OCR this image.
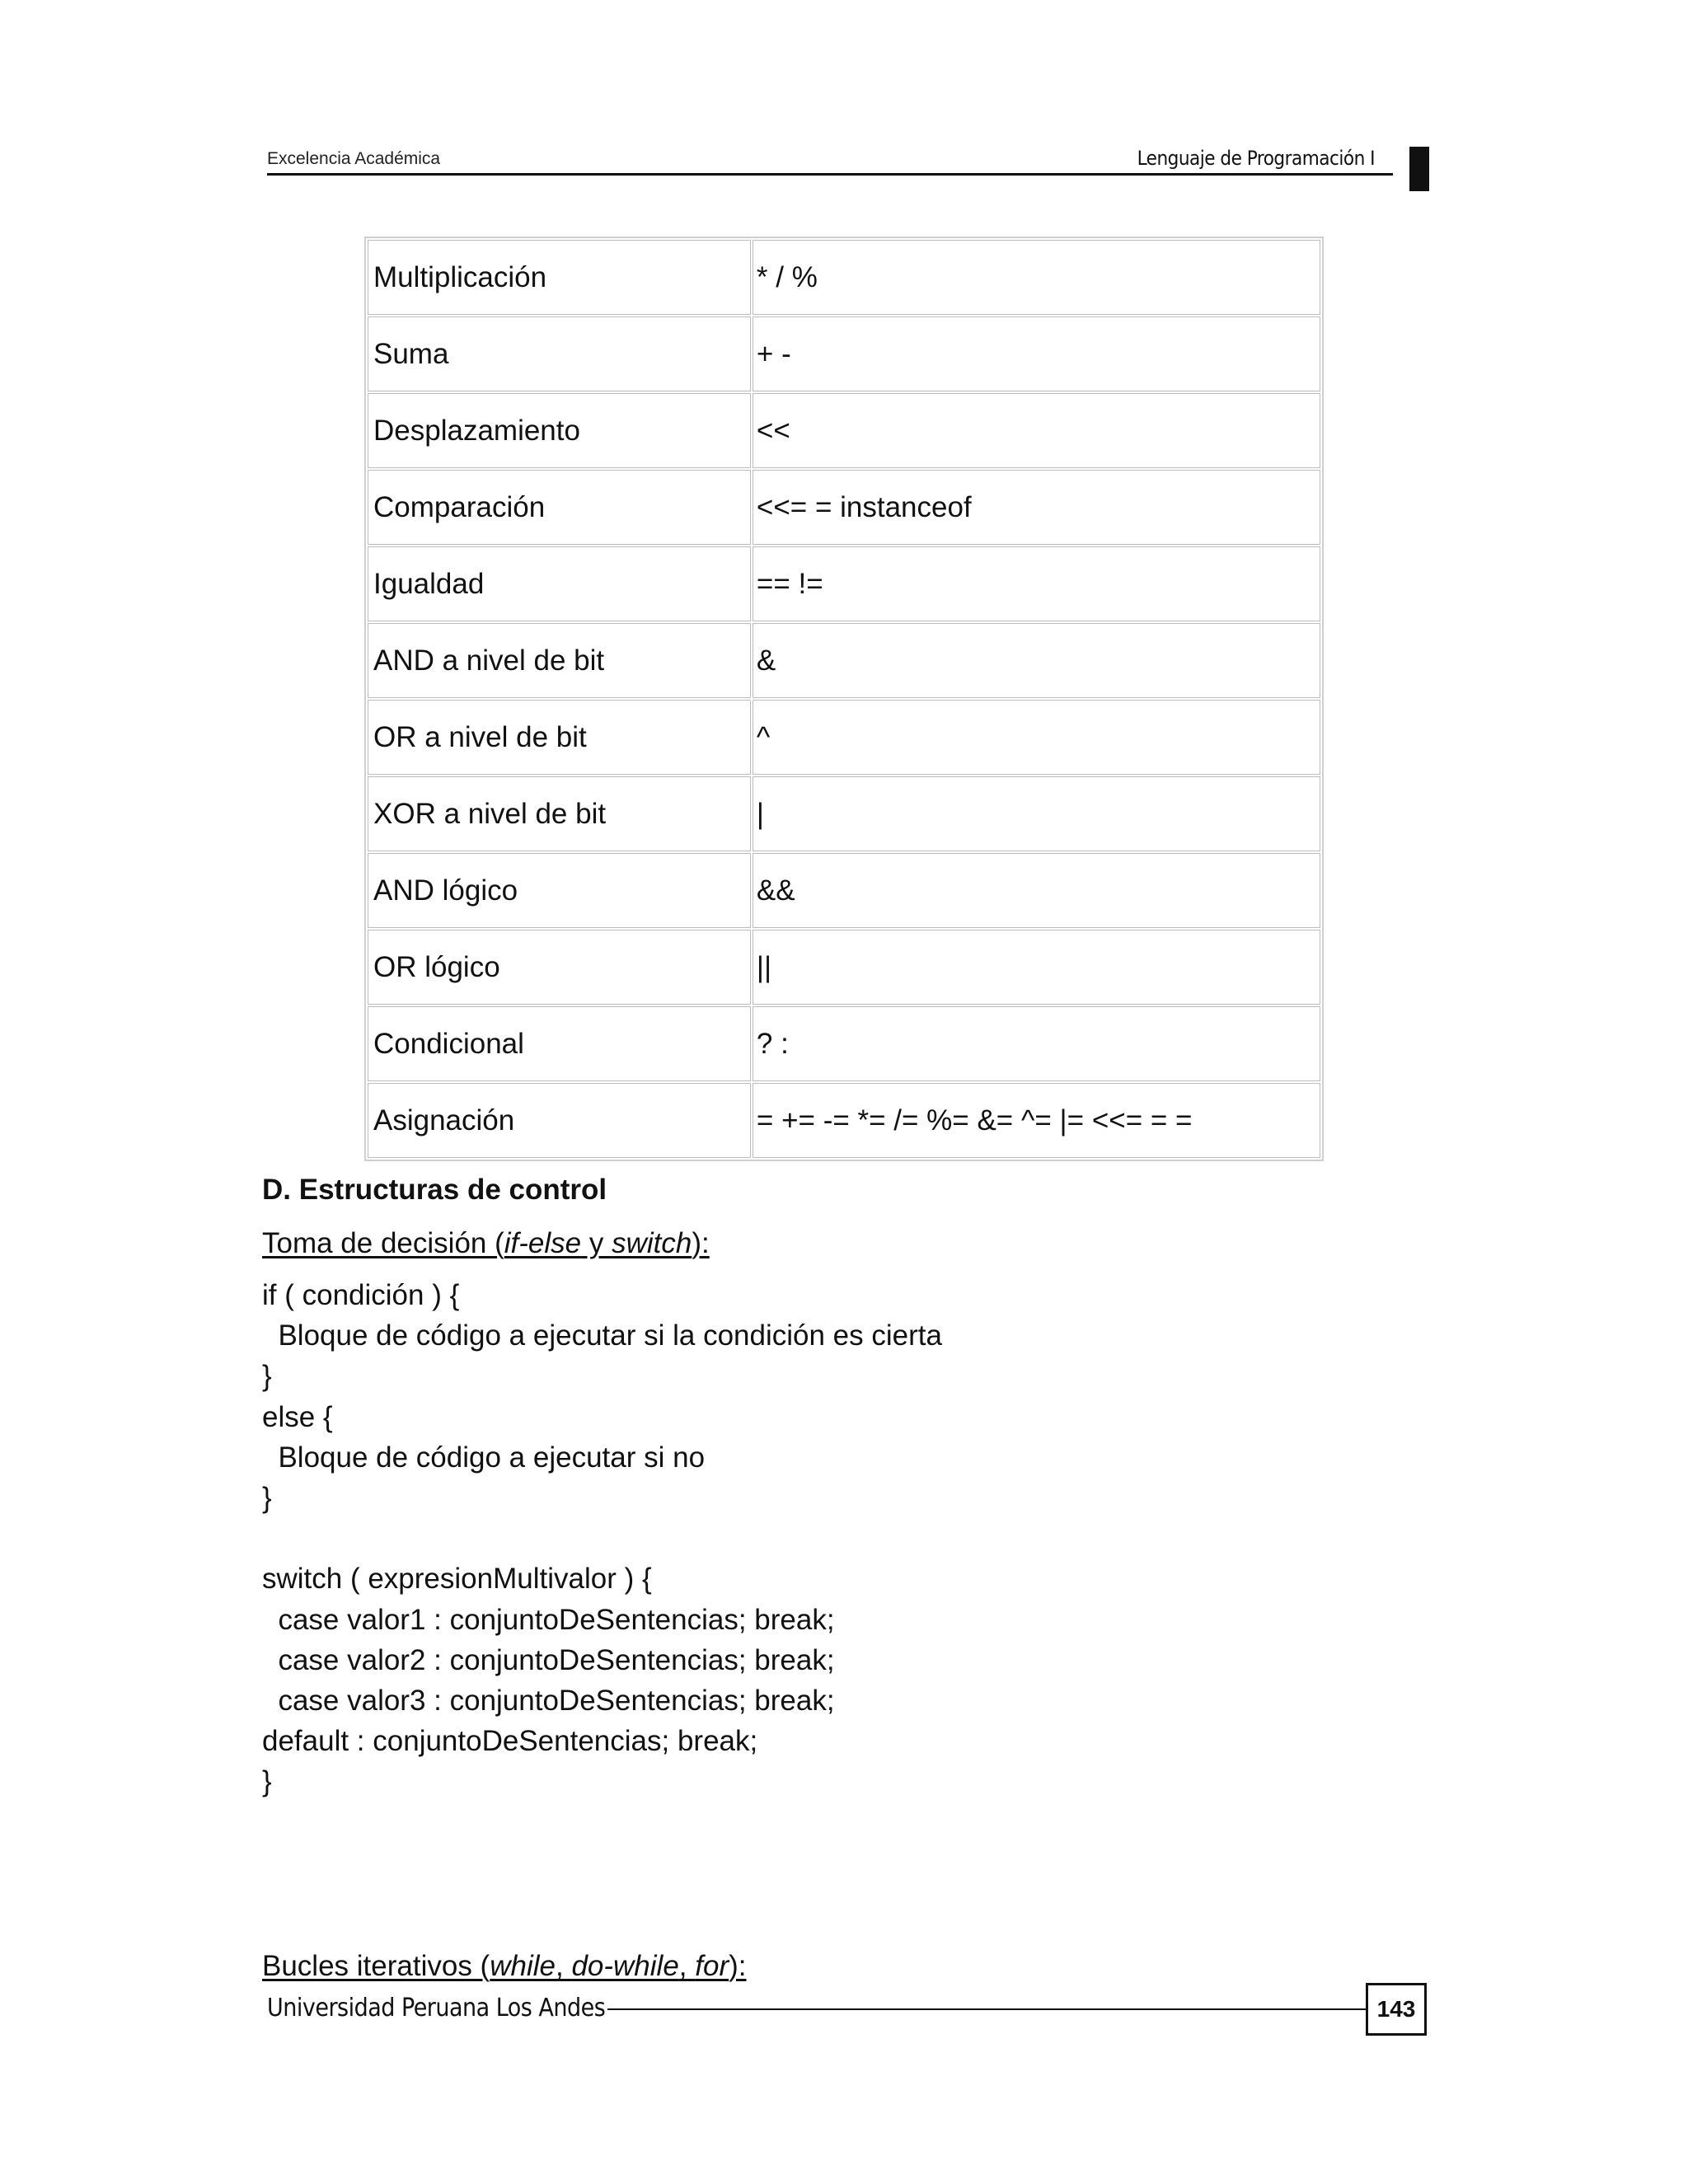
Excelencia Académica	Lenguaje de Programación I
Multiplicación	* / %
Suma	+ -
Desplazamiento	<<
Comparación	<<= = instanceof
Igualdad	== !=
AND a nivel de bit	&
OR a nivel de bit	^
XOR a nivel de bit	|
AND lógico	&&
OR lógico	||
Condicional	? :
Asignación	= += -= *= /= %= &= ^= |= <<= = =
D. Estructuras de control
Toma de decisión (if-else y switch):
if ( condición ) {
Bloque de código a ejecutar si la condición es cierta
}
else {
Bloque de código a ejecutar si no
}
switch ( expresionMultivalor ) {
case valor1 : conjuntoDeSentencias; break;
case valor2 : conjuntoDeSentencias; break;
case valor3 : conjuntoDeSentencias; break;
default : conjuntoDeSentencias; break;
}
Bucles iterativos (while, do-while, for):
Universidad Peruana Los Andes	143
